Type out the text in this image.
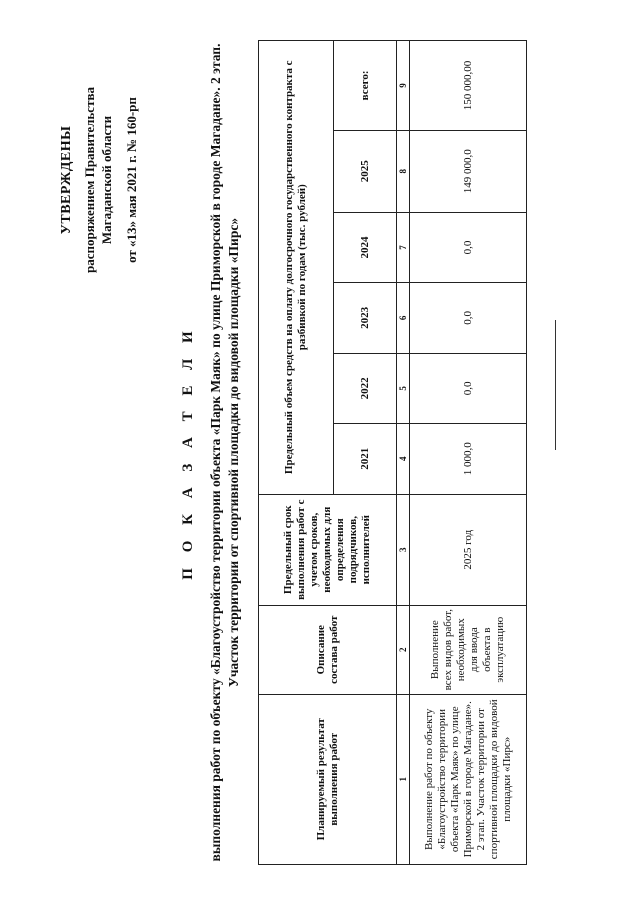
УТВЕРЖДЕНЫ распоряжением Правительства Магаданской области от «13» мая 2021 г. № 160-рп
П О К А З А Т Е Л И выполнения работ по объекту «Благоустройство территории объекта «Парк Маяк» по улице Приморской в городе Магадане». 2 этап. Участок территории от спортивной площадки до видовой площадки «Пирс»
Планируемый результат выполнения работ	Описание состава работ	Предельный срок выполнения работ с учетом сроков, необходимых для определения подрядчиков, исполнителей	Предельный объем средств на оплату долгосрочного государственного контракта с разбивкой по годам (тыс. рублей)					
			2021	2022	2023	2024	2025	всего:
1	2	3	4	5	6	7	8	9
Выполнение работ по объекту «Благоустройство территории объекта «Парк Маяк» по улице Приморской в городе Магадане». 2 этап. Участок территории от спортивной площадки до видовой площадки «Пирс»	Выполнение всех видов работ, необходимых для ввода объекта в эксплуатацию	2025 год	1 000,0	0,0	0,0	0,0	149 000,0	150 000,00
